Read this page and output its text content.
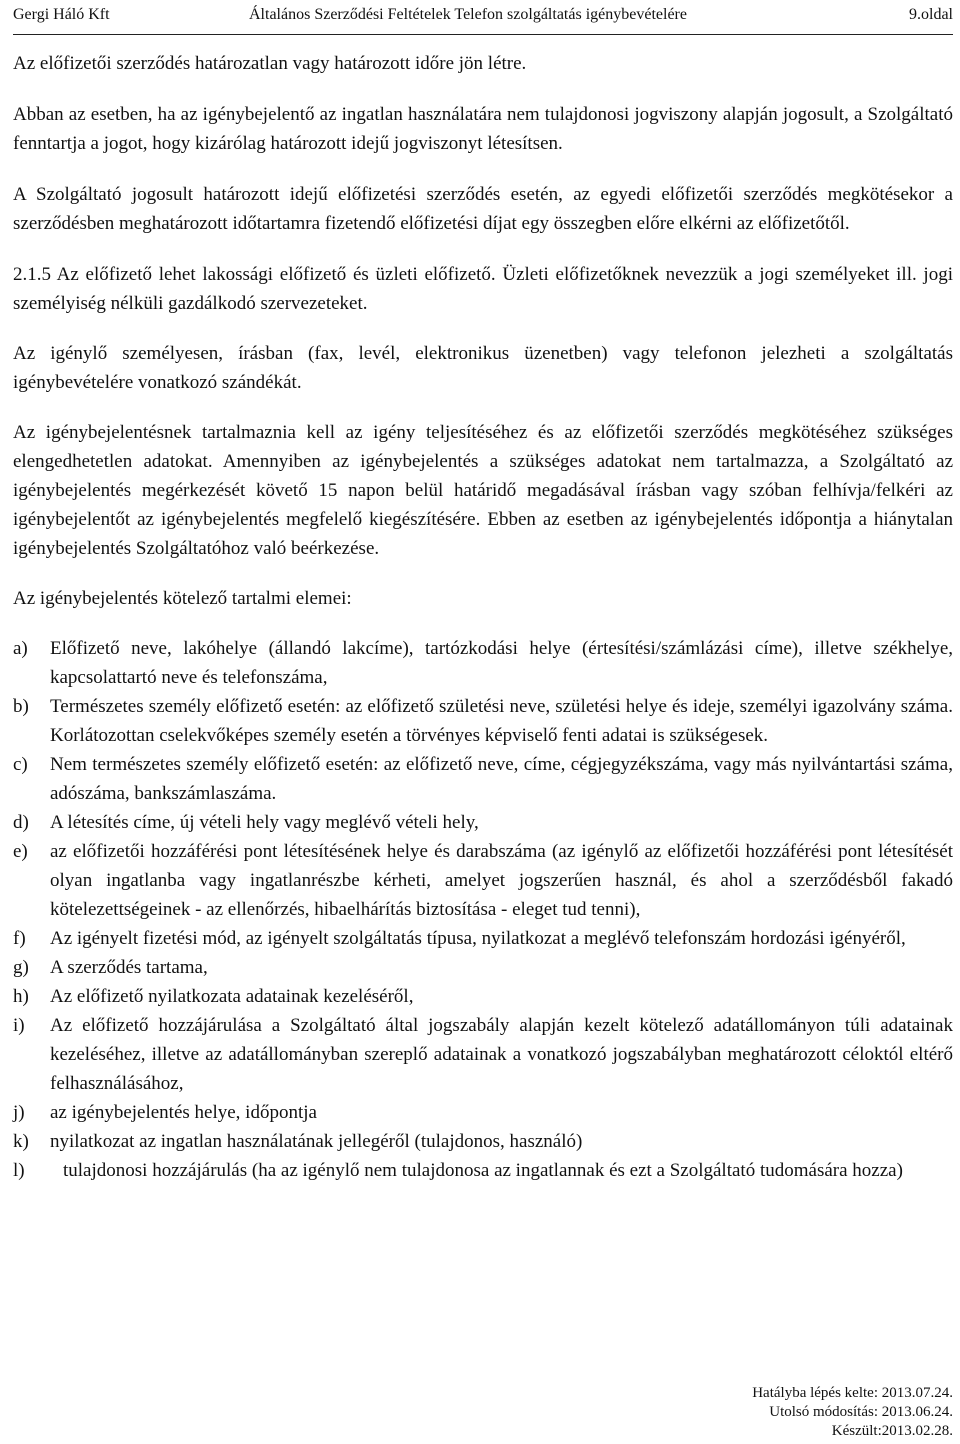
Gergi Háló Kft	Általános Szerződési Feltételek Telefon szolgáltatás igénybevételére	9.oldal

Az előfizetői szerződés határozatlan vagy határozott időre jön létre.

Abban az esetben, ha az igénybejelentő az ingatlan használatára nem tulajdonosi jogviszony alapján jogosult, a Szolgáltató fenntartja a jogot, hogy kizárólag határozott idejű jogviszonyt létesítsen.

A Szolgáltató jogosult határozott idejű előfizetési szerződés esetén, az egyedi előfizetői szerződés megkötésekor a szerződésben meghatározott időtartamra fizetendő előfizetési díjat egy összegben előre elkérni az előfizetőtől.

2.1.5 Az előfizető lehet lakossági előfizető és üzleti előfizető. Üzleti előfizetőknek nevezzük a jogi személyeket ill. jogi személyiség nélküli gazdálkodó szervezeteket.

Az igénylő személyesen, írásban (fax, levél, elektronikus üzenetben) vagy telefonon jelezheti a szolgáltatás igénybevételére vonatkozó szándékát.

Az igénybejelentésnek tartalmaznia kell az igény teljesítéséhez és az előfizetői szerződés megkötéséhez szükséges elengedhetetlen adatokat. Amennyiben az igénybejelentés a szükséges adatokat nem tartalmazza, a Szolgáltató az igénybejelentés megérkezését követő 15 napon belül határidő megadásával írásban vagy szóban felhívja/felkéri az igénybejelentőt az igénybejelentés megfelelő kiegészítésére. Ebben az esetben az igénybejelentés időpontja a hiánytalan igénybejelentés Szolgáltatóhoz való beérkezése.

Az igénybejelentés kötelező tartalmi elemei:

a) Előfizető neve, lakóhelye (állandó lakcíme), tartózkodási helye (értesítési/számlázási címe), illetve székhelye, kapcsolattartó neve és telefonszáma,

b) Természetes személy előfizető esetén: az előfizető születési neve, születési helye és ideje, személyi igazolvány száma. Korlátozottan cselekvőképes személy esetén a törvényes képviselő fenti adatai is szükségesek.

c) Nem természetes személy előfizető esetén: az előfizető neve, címe, cégjegyzékszáma, vagy más nyilvántartási száma, adószáma, bankszámlaszáma.

d) A létesítés címe, új vételi hely vagy meglévő vételi hely,

e) az előfizetői hozzáférési pont létesítésének helye és darabszáma (az igénylő az előfizetői hozzáférési pont létesítését olyan ingatlanba vagy ingatlanrészbe kérheti, amelyet jogszerűen használ, és ahol a szerződésből fakadó kötelezettségeinek - az ellenőrzés, hibaelhárítás biztosítása - eleget tud tenni),

f) Az igényelt fizetési mód, az igényelt szolgáltatás típusa, nyilatkozat a meglévő telefonszám hordozási igényéről,

g) A szerződés tartama,

h) Az előfizető nyilatkozata adatainak kezeléséről,

i) Az előfizető hozzájárulása a Szolgáltató által jogszabály alapján kezelt kötelező adatállományon túli adatainak kezeléséhez, illetve az adatállományban szereplő adatainak a vonatkozó jogszabályban meghatározott céloktól eltérő felhasználásához,

j) az igénybejelentés helye, időpontja

k) nyilatkozat az ingatlan használatának jellegéről (tulajdonos, használó)

l) tulajdonosi hozzájárulás (ha az igénylő nem tulajdonosa az ingatlannak és ezt a Szolgáltató tudomására hozza)

Hatályba lépés kelte: 2013.07.24.
Utolsó módosítás: 2013.06.24.
Készült:2013.02.28.
